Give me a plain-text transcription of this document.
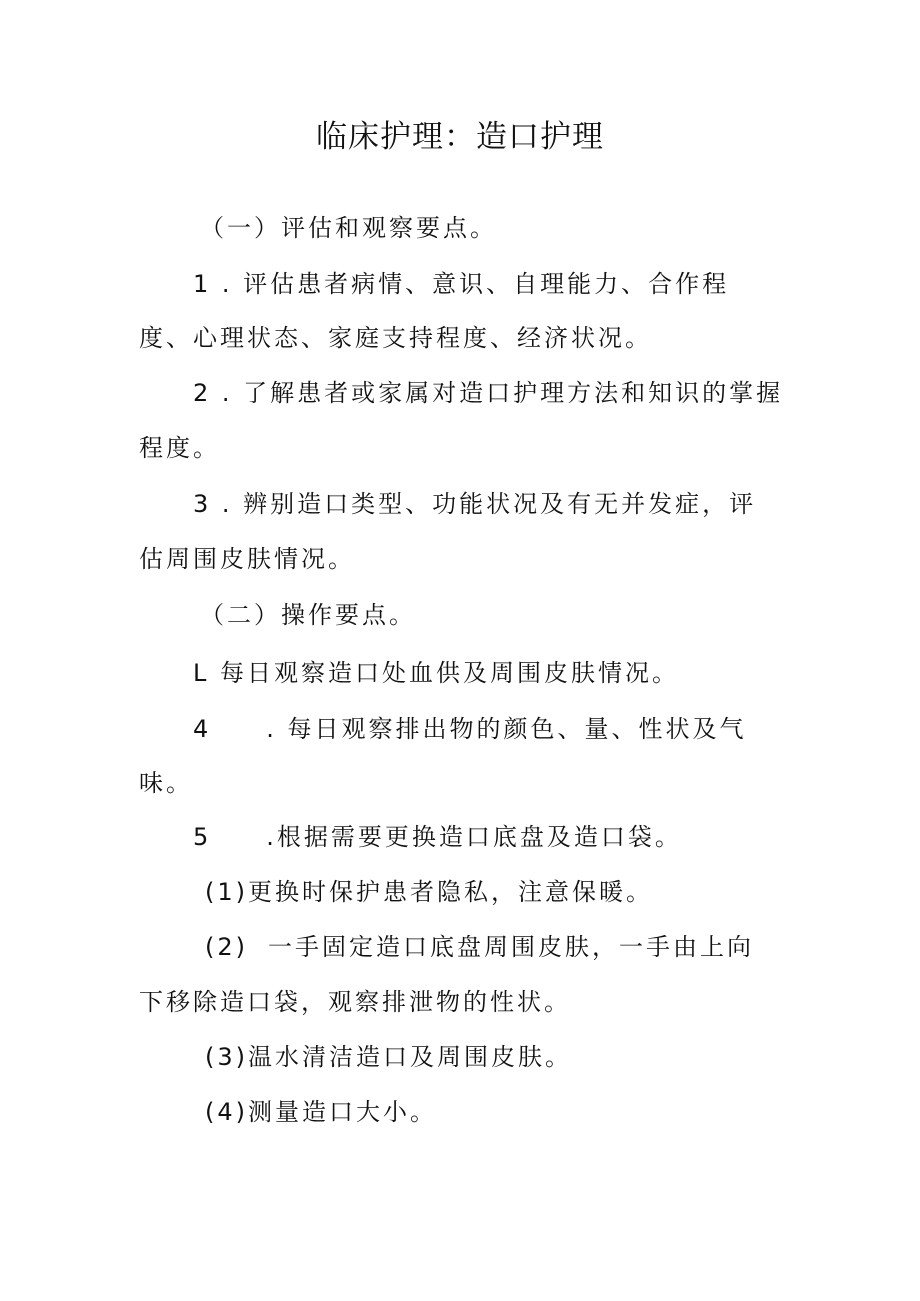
临床护理：造口护理
（一）评估和观察要点。
1 . 评估患者病情、意识、自理能力、合作程
度、心理状态、家庭支持程度、经济状况。
2 . 了解患者或家属对造口护理方法和知识的掌握
程度。
3 . 辨别造口类型、功能状况及有无并发症，评
估周围皮肤情况。
（二）操作要点。
L 每日观察造口处血供及周围皮肤情况。
4 . 每日观察排出物的颜色、量、性状及气
味。
5 .根据需要更换造口底盘及造口袋。
(1)更换时保护患者隐私，注意保暖。
(2) 一手固定造口底盘周围皮肤，一手由上向
下移除造口袋，观察排泄物的性状。
(3)温水清洁造口及周围皮肤。
(4)测量造口大小。
